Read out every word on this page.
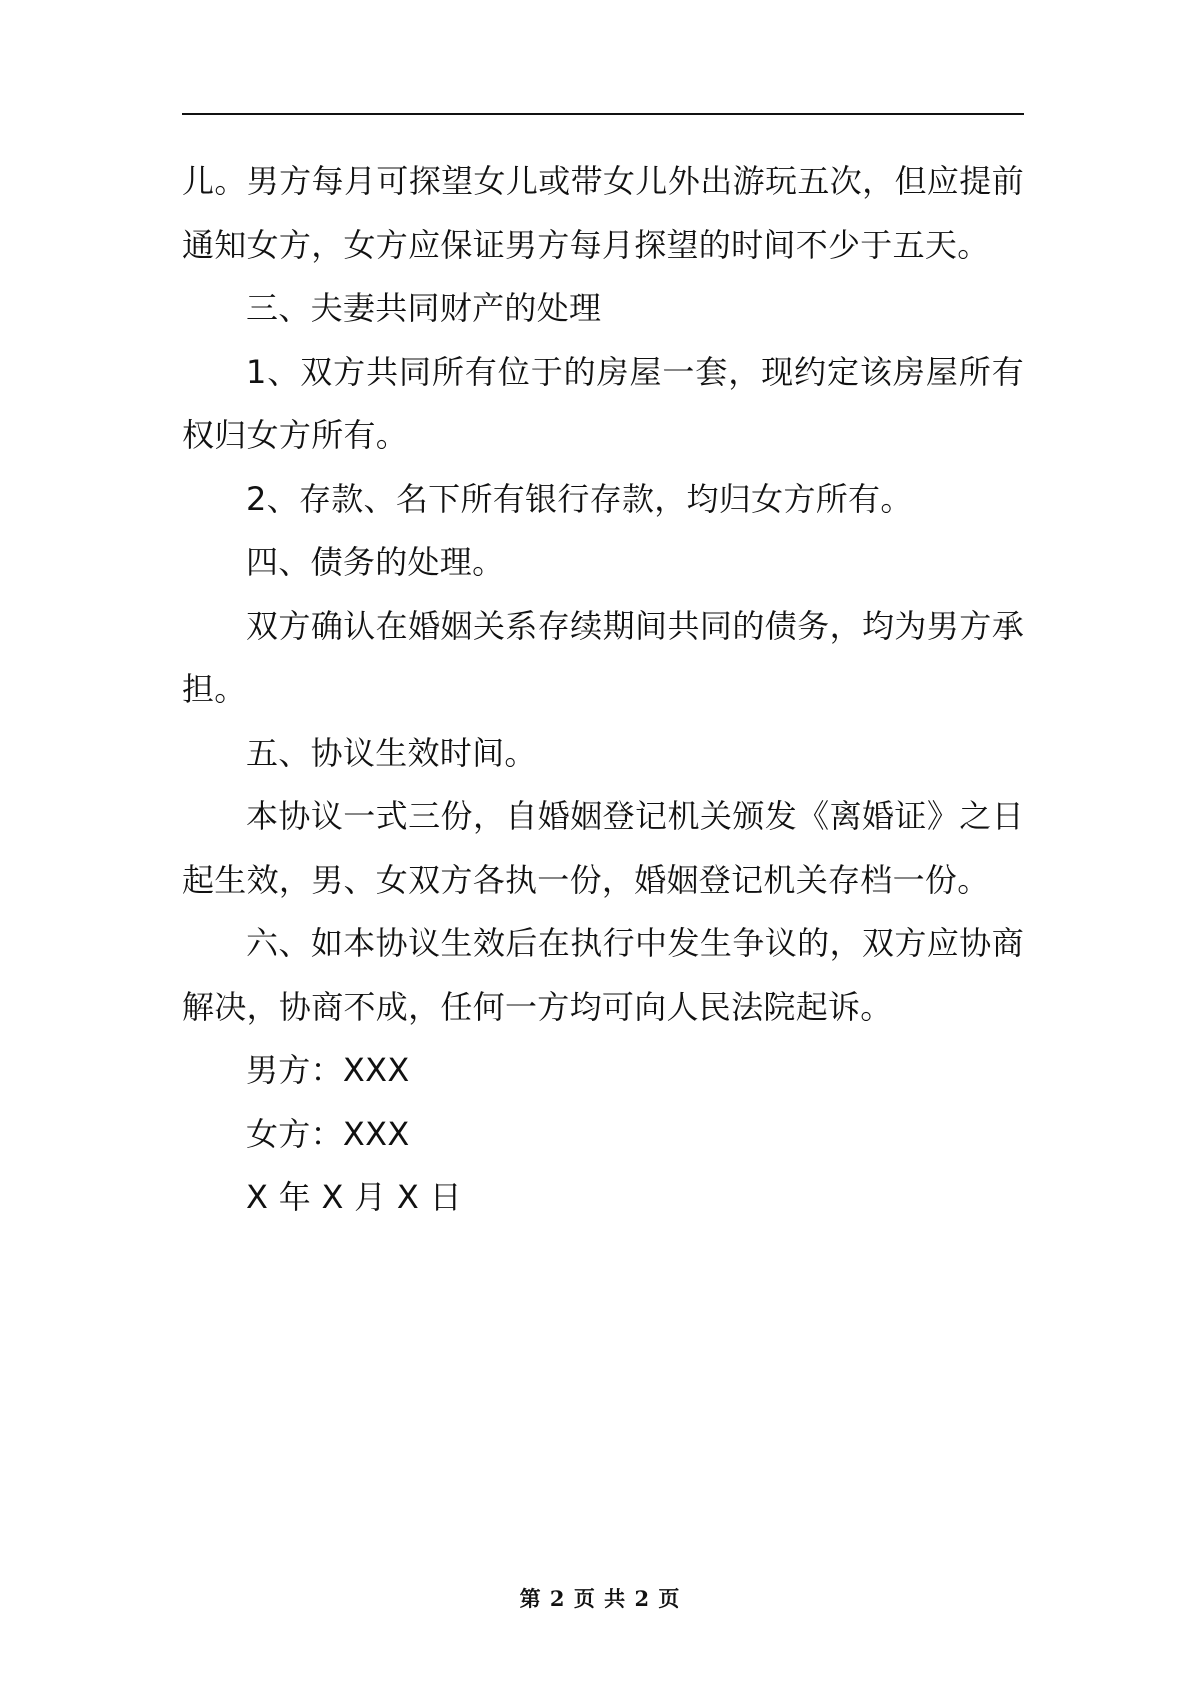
儿。男方每月可探望女儿或带女儿外出游玩五次，但应提前通知女方，女方应保证男方每月探望的时间不少于五天。

三、夫妻共同财产的处理

1、双方共同所有位于的房屋一套，现约定该房屋所有权归女方所有。

2、存款、名下所有银行存款，均归女方所有。

四、债务的处理。

双方确认在婚姻关系存续期间共同的债务，均为男方承担。

五、协议生效时间。

本协议一式三份，自婚姻登记机关颁发《离婚证》之日起生效，男、女双方各执一份，婚姻登记机关存档一份。

六、如本协议生效后在执行中发生争议的，双方应协商解决，协商不成，任何一方均可向人民法院起诉。

男方：XXX

女方：XXX

X 年 X 月 X 日

第 2 页 共 2 页
